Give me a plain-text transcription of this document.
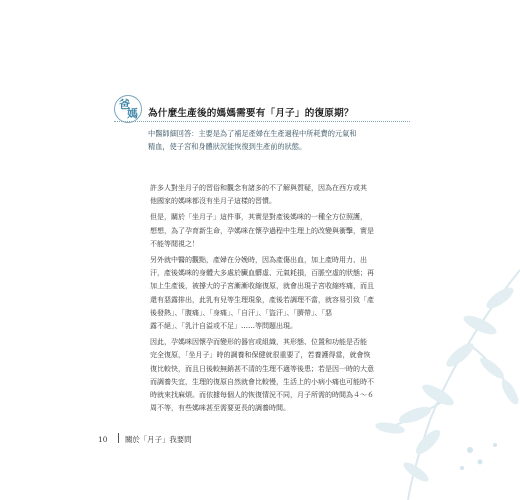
爸
媽 為什麼生產後的媽媽需要有「月子」的復原期？

中醫師細回答：主要是為了補足產婦在生產過程中所耗費的元氣和

精血，使子宮和身體狀況能恢復到生產前的狀態。

許多人對坐月子的習俗和觀念有諸多的不了解與質疑，因為在西方或其
他國家的媽咪都沒有坐月子這樣的習慣。

但是，關於「坐月子」這件事，其實是對產後媽咪的一種全方位照護，
想想，為了孕育新生命，孕媽咪在懷孕過程中生理上的改變與衝擊，實是
不能等閒視之！

另外就中醫的觀點，產婦在分娩時，因為產傷出血，加上產時用力、出
汗，產後媽咪的身體大多處於臟血髒虛、元氣耗損，百脈空虛的狀態；再
加上生產後，被撐大的子宮漸漸收縮復原，就會出現子宮收縮疼痛，而且
還有惡露排出，此乳有兒等生理現象，產後若調理不當，就容易引致「產
後發熱」、「腹痛」、「身痛」、「自汗」、「盜汗」、「臍帶」、「惡
露不絕」、「乳汁自溢或不足」……等問題出現。

因此，孕媽咪因懷孕而變形的器官或組織，其形態、位置和功能是否能
完全復原，「坐月子」時的調養和保健就很重要了，若養護得當，就會恢
復比較快，而且日後較無銷甚不清的生理不適等後患；若是因一時的大意
而調養失宜，生理的復原自然就會比較慢，生活上的小病小痛也可能時不
時就來找麻煩。而依據每個人的恢復情況不同，月子所需的時間為４～６
周不等，有些媽咪甚至需要更長的調養時間。

10 關於「月子」我要問
